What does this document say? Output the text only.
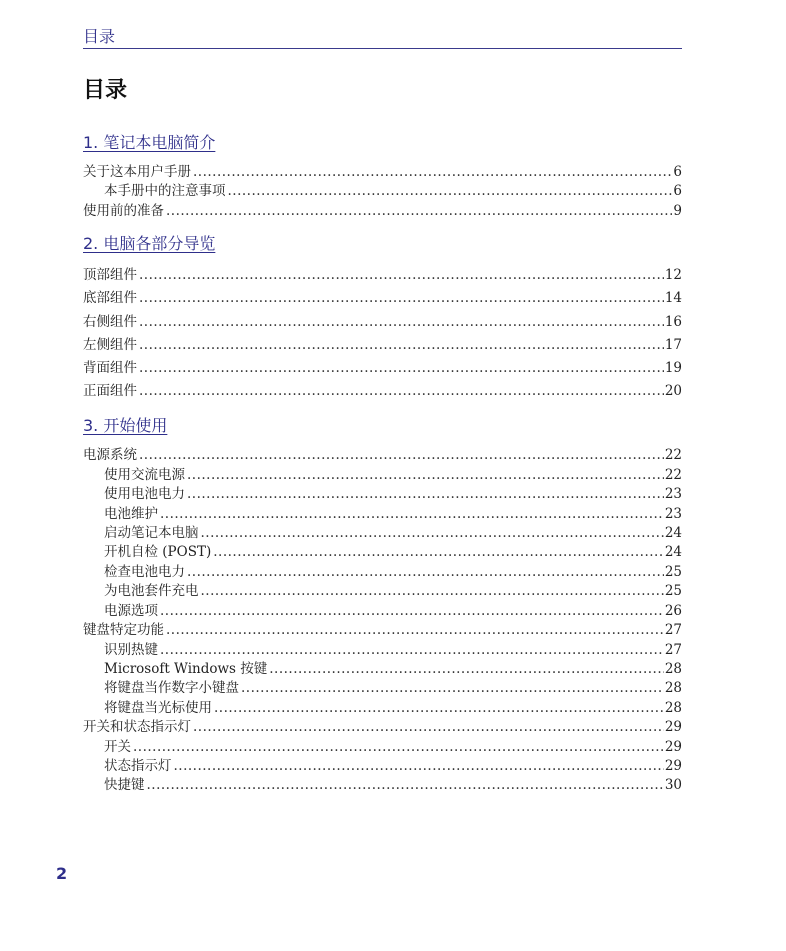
目录
目录
1. 笔记本电脑简介
关于这本用户手册 .....	6
本手册中的注意事项 .....	6
使用前的准备 .....	9
2. 电脑各部分导览
顶部组件 .....	12
底部组件 .....	14
右侧组件 .....	16
左侧组件 .....	17
背面组件 .....	19
正面组件 .....	20
3. 开始使用
电源系统 .....	22
使用交流电源 .....	22
使用电池电力 .....	23
电池维护 .....	23
启动笔记本电脑 .....	24
开机自检 (POST) .....	24
检查电池电力 .....	25
为电池套件充电 .....	25
电源选项 .....	26
键盘特定功能 .....	27
识别热键 .....	27
Microsoft Windows 按键 .....	28
将键盘当作数字小键盘 .....	28
将键盘当光标使用 .....	28
开关和状态指示灯 .....	29
开关 .....	29
状态指示灯 .....	29
快捷键 .....	30
2
